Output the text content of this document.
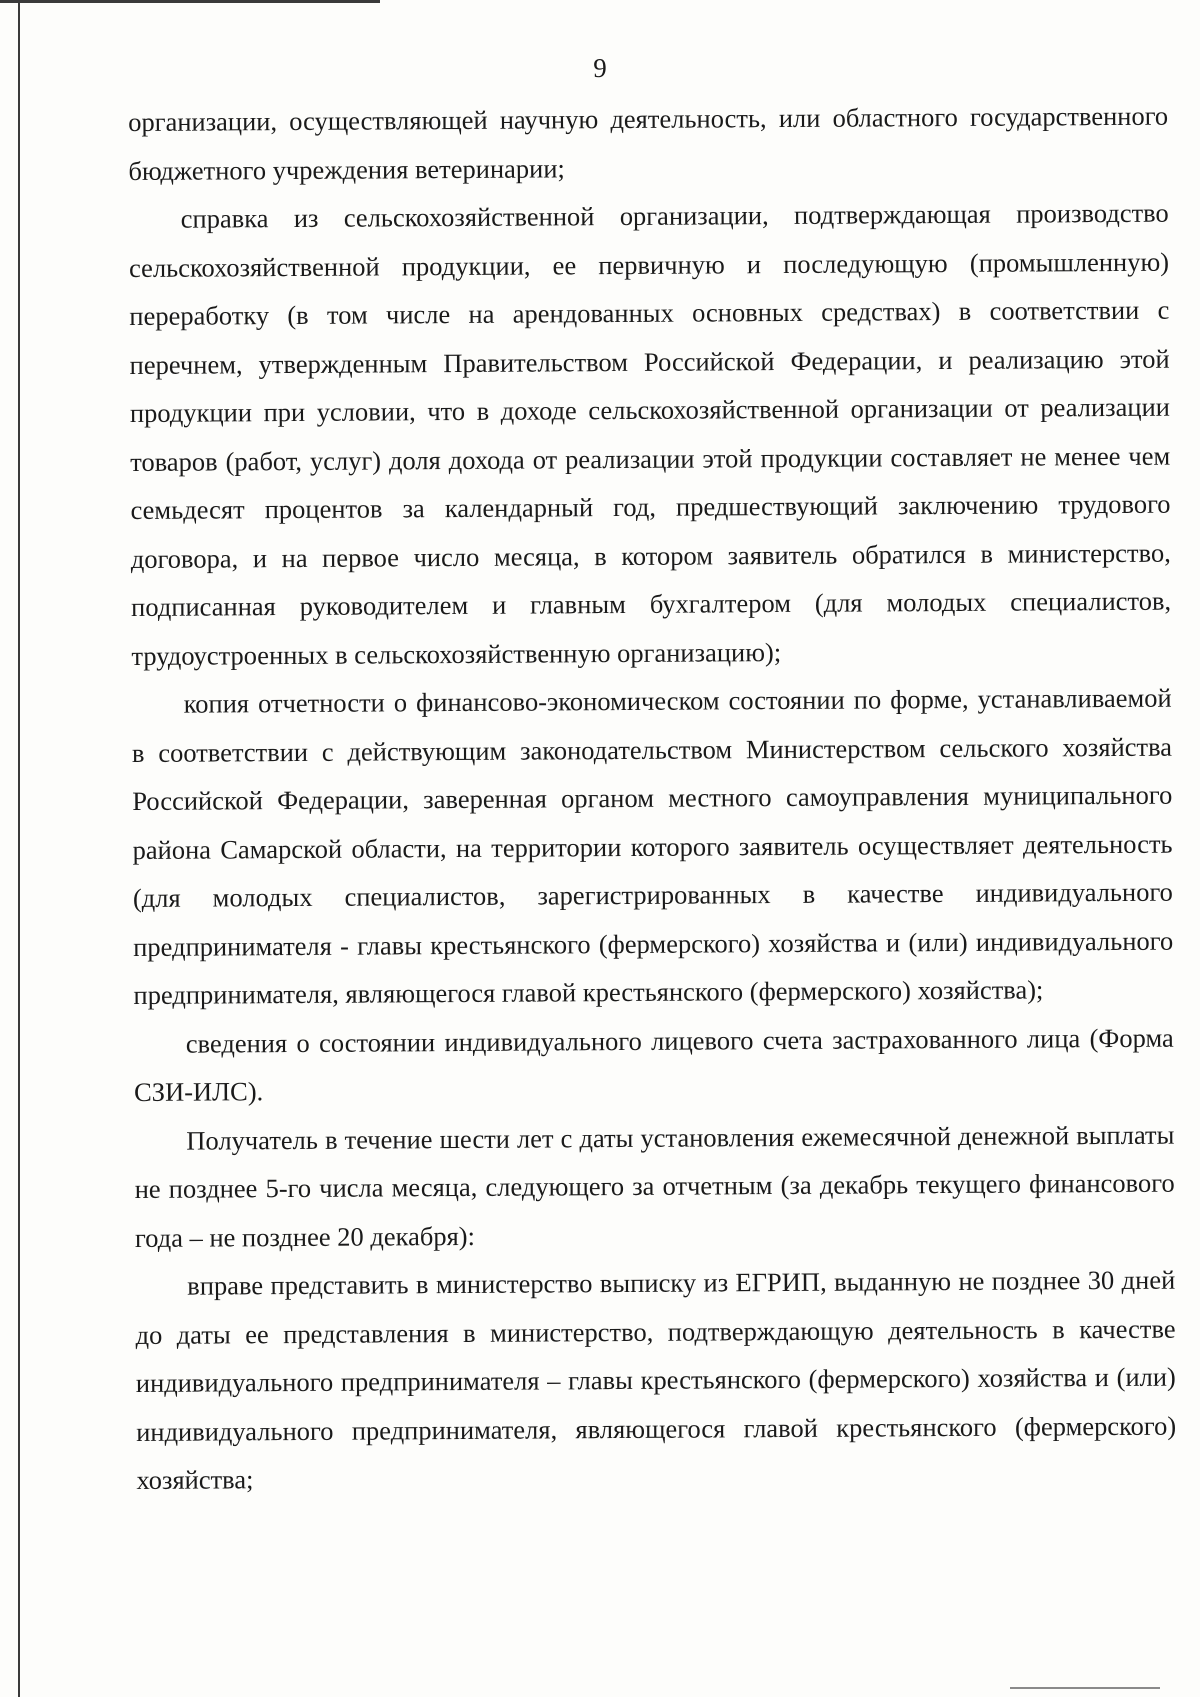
9

организации, осуществляющей научную деятельность, или областного государственного бюджетного учреждения ветеринарии;

справка из сельскохозяйственной организации, подтверждающая производство сельскохозяйственной продукции, ее первичную и последующую (промышленную) переработку (в том числе на арендованных основных средствах) в соответствии с перечнем, утвержденным Правительством Российской Федерации, и реализацию этой продукции при условии, что в доходе сельскохозяйственной организации от реализации товаров (работ, услуг) доля дохода от реализации этой продукции составляет не менее чем семьдесят процентов за календарный год, предшествующий заключению трудового договора, и на первое число месяца, в котором заявитель обратился в министерство, подписанная руководителем и главным бухгалтером (для молодых специалистов, трудоустроенных в сельскохозяйственную организацию);

копия отчетности о финансово-экономическом состоянии по форме, устанавливаемой в соответствии с действующим законодательством Министерством сельского хозяйства Российской Федерации, заверенная органом местного самоуправления муниципального района Самарской области, на территории которого заявитель осуществляет деятельность (для молодых специалистов, зарегистрированных в качестве индивидуального предпринимателя - главы крестьянского (фермерского) хозяйства и (или) индивидуального предпринимателя, являющегося главой крестьянского (фермерского) хозяйства);

сведения о состоянии индивидуального лицевого счета застрахованного лица (Форма СЗИ-ИЛС).

Получатель в течение шести лет с даты установления ежемесячной денежной выплаты не позднее 5-го числа месяца, следующего за отчетным (за декабрь текущего финансового года – не позднее 20 декабря):

вправе представить в министерство выписку из ЕГРИП, выданную не позднее 30 дней до даты ее представления в министерство, подтверждающую деятельность в качестве индивидуального предпринимателя – главы крестьянского (фермерского) хозяйства и (или) индивидуального предпринимателя, являющегося главой крестьянского (фермерского) хозяйства;
